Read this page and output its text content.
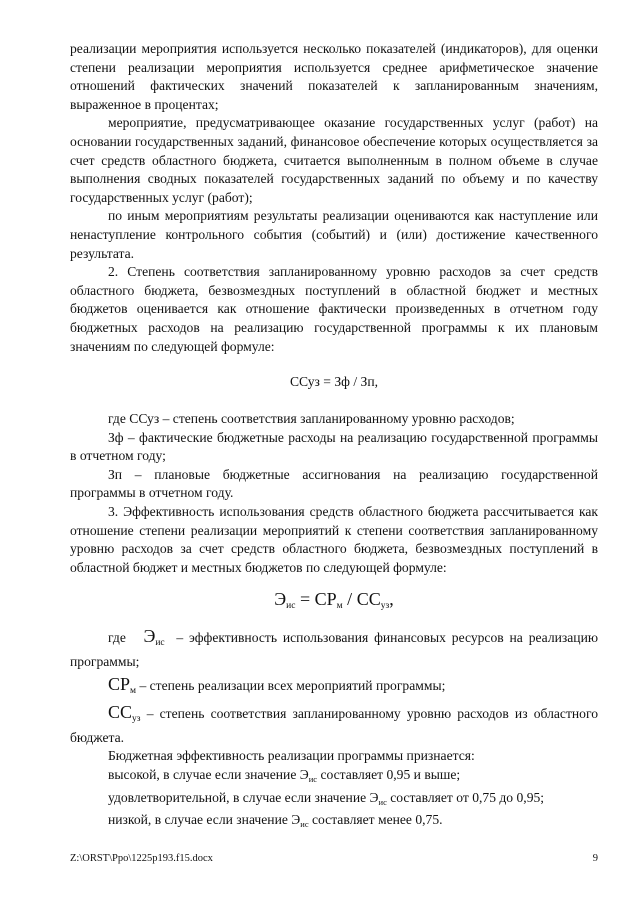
реализации мероприятия используется несколько показателей (индикаторов), для оценки степени реализации мероприятия используется среднее арифметическое значение отношений фактических значений показателей к запланированным значениям, выраженное в процентах;

мероприятие, предусматривающее оказание государственных услуг (работ) на основании государственных заданий, финансовое обеспечение которых осуществляется за счет средств областного бюджета, считается выполненным в полном объеме в случае выполнения сводных показателей государственных заданий по объему и по качеству государственных услуг (работ);

по иным мероприятиям результаты реализации оцениваются как наступление или ненаступление контрольного события (событий) и (или) достижение качественного результата.

2. Степень соответствия запланированному уровню расходов за счет средств областного бюджета, безвозмездных поступлений в областной бюджет и местных бюджетов оценивается как отношение фактически произведенных в отчетном году бюджетных расходов на реализацию государственной программы к их плановым значениям по следующей формуле:

ССуз = Зф / Зп,

где ССуз – степень соответствия запланированному уровню расходов;

Зф – фактические бюджетные расходы на реализацию государственной программы в отчетном году;

Зп – плановые бюджетные ассигнования на реализацию государственной программы в отчетном году.

3. Эффективность использования средств областного бюджета рассчитывается как отношение степени реализации мероприятий к степени соответствия запланированному уровню расходов за счет средств областного бюджета, безвозмездных поступлений в областной бюджет и местных бюджетов по следующей формуле:

$Э_{ис} = СР_м / СС_{уз}$,

где $Э_{ис}$ – эффективность использования финансовых ресурсов на реализацию программы;

$СР_м$ – степень реализации всех мероприятий программы;

$СС_{уз}$ – степень соответствия запланированному уровню расходов из областного бюджета.

Бюджетная эффективность реализации программы признается:

высокой, в случае если значение $Э_{ис}$ составляет 0,95 и выше;

удовлетворительной, в случае если значение $Э_{ис}$ составляет от 0,75 до 0,95;

низкой, в случае если значение $Э_{ис}$ составляет менее 0,75.

Z:\ORST\Ppo\1225p193.f15.docx	9
